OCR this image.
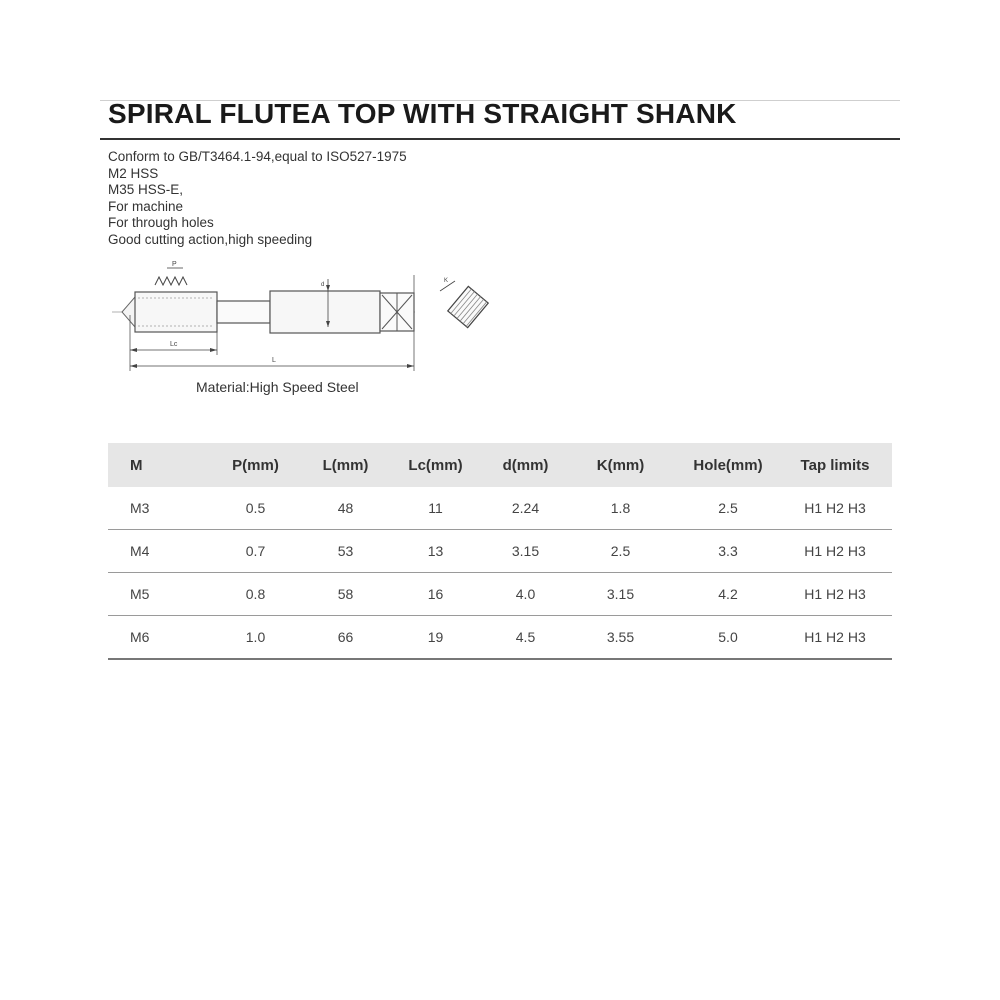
SPIRAL FLUTEA TOP WITH STRAIGHT SHANK
Conform to GB/T3464.1-94,equal to ISO527-1975
M2 HSS
M35 HSS-E,
For machine
For through holes
Good cutting action,high speeding
P
d
Lc
L
K
Material:High Speed Steel
M	P(mm)	L(mm)	Lc(mm)	d(mm)	K(mm)	Hole(mm)	Tap limits
M3	0.5	48	11	2.24	1.8	2.5	H1 H2 H3
M4	0.7	53	13	3.15	2.5	3.3	H1 H2 H3
M5	0.8	58	16	4.0	3.15	4.2	H1 H2 H3
M6	1.0	66	19	4.5	3.55	5.0	H1 H2 H3
